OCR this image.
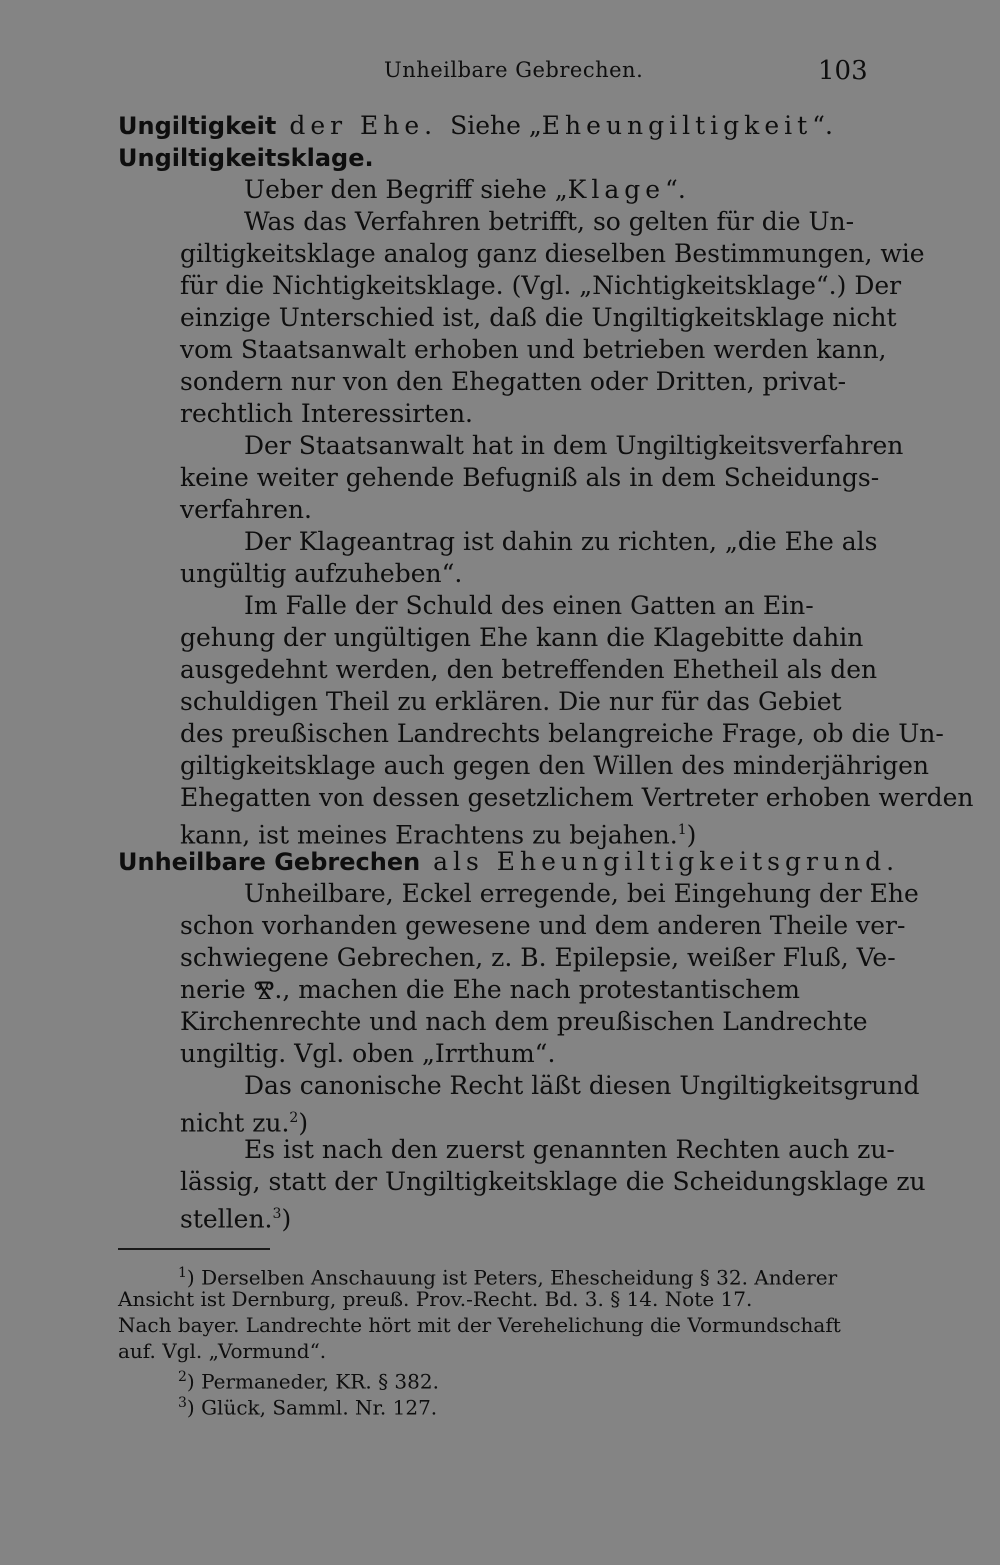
Unheilbare Gebrechen.	103
Ungiltigkeit der Ehe. Siehe „Eheungiltigkeit“.
Ungiltigkeitsklage.
Ueber den Begriff siehe „Klage“.
Was das Verfahren betrifft, so gelten für die Un-
giltigkeitsklage analog ganz dieselben Bestimmungen, wie
für die Nichtigkeitsklage. (Vgl. „Nichtigkeitsklage“.) Der
einzige Unterschied ist, daß die Ungiltigkeitsklage nicht
vom Staatsanwalt erhoben und betrieben werden kann,
sondern nur von den Ehegatten oder Dritten, privat-
rechtlich Interessirten.
Der Staatsanwalt hat in dem Ungiltigkeitsverfahren
keine weiter gehende Befugniß als in dem Scheidungs-
verfahren.
Der Klageantrag ist dahin zu richten, „die Ehe als
ungültig aufzuheben“.
Im Falle der Schuld des einen Gatten an Ein-
gehung der ungültigen Ehe kann die Klagebitte dahin
ausgedehnt werden, den betreffenden Ehetheil als den
schuldigen Theil zu erklären. Die nur für das Gebiet
des preußischen Landrechts belangreiche Frage, ob die Un-
giltigkeitsklage auch gegen den Willen des minderjährigen
Ehegatten von dessen gesetzlichem Vertreter erhoben werden
kann, ist meines Erachtens zu bejahen.$^1$)
Unheilbare Gebrechen als Eheungiltigkeitsgrund.
Unheilbare, Eckel erregende, bei Eingehung der Ehe
schon vorhanden gewesene und dem anderen Theile ver-
schwiegene Gebrechen, z. B. Epilepsie, weißer Fluß, Ve-
nerie Ⰺ., machen die Ehe nach protestantischem
Kirchenrechte und nach dem preußischen Landrechte
ungiltig. Vgl. oben „Irrthum“.
Das canonische Recht läßt diesen Ungiltigkeitsgrund
nicht zu.$^2$)
Es ist nach den zuerst genannten Rechten auch zu-
lässig, statt der Ungiltigkeitsklage die Scheidungsklage zu
stellen.$^3$)
$^1$) Derselben Anschauung ist Peters, Ehescheidung § 32. Anderer
Ansicht ist Dernburg, preuß. Prov.-Recht. Bd. 3. § 14. Note 17.
Nach bayer. Landrechte hört mit der Verehelichung die Vormundschaft
auf. Vgl. „Vormund“.
$^2$) Permaneder, KR. § 382.
$^3$) Glück, Samml. Nr. 127.
